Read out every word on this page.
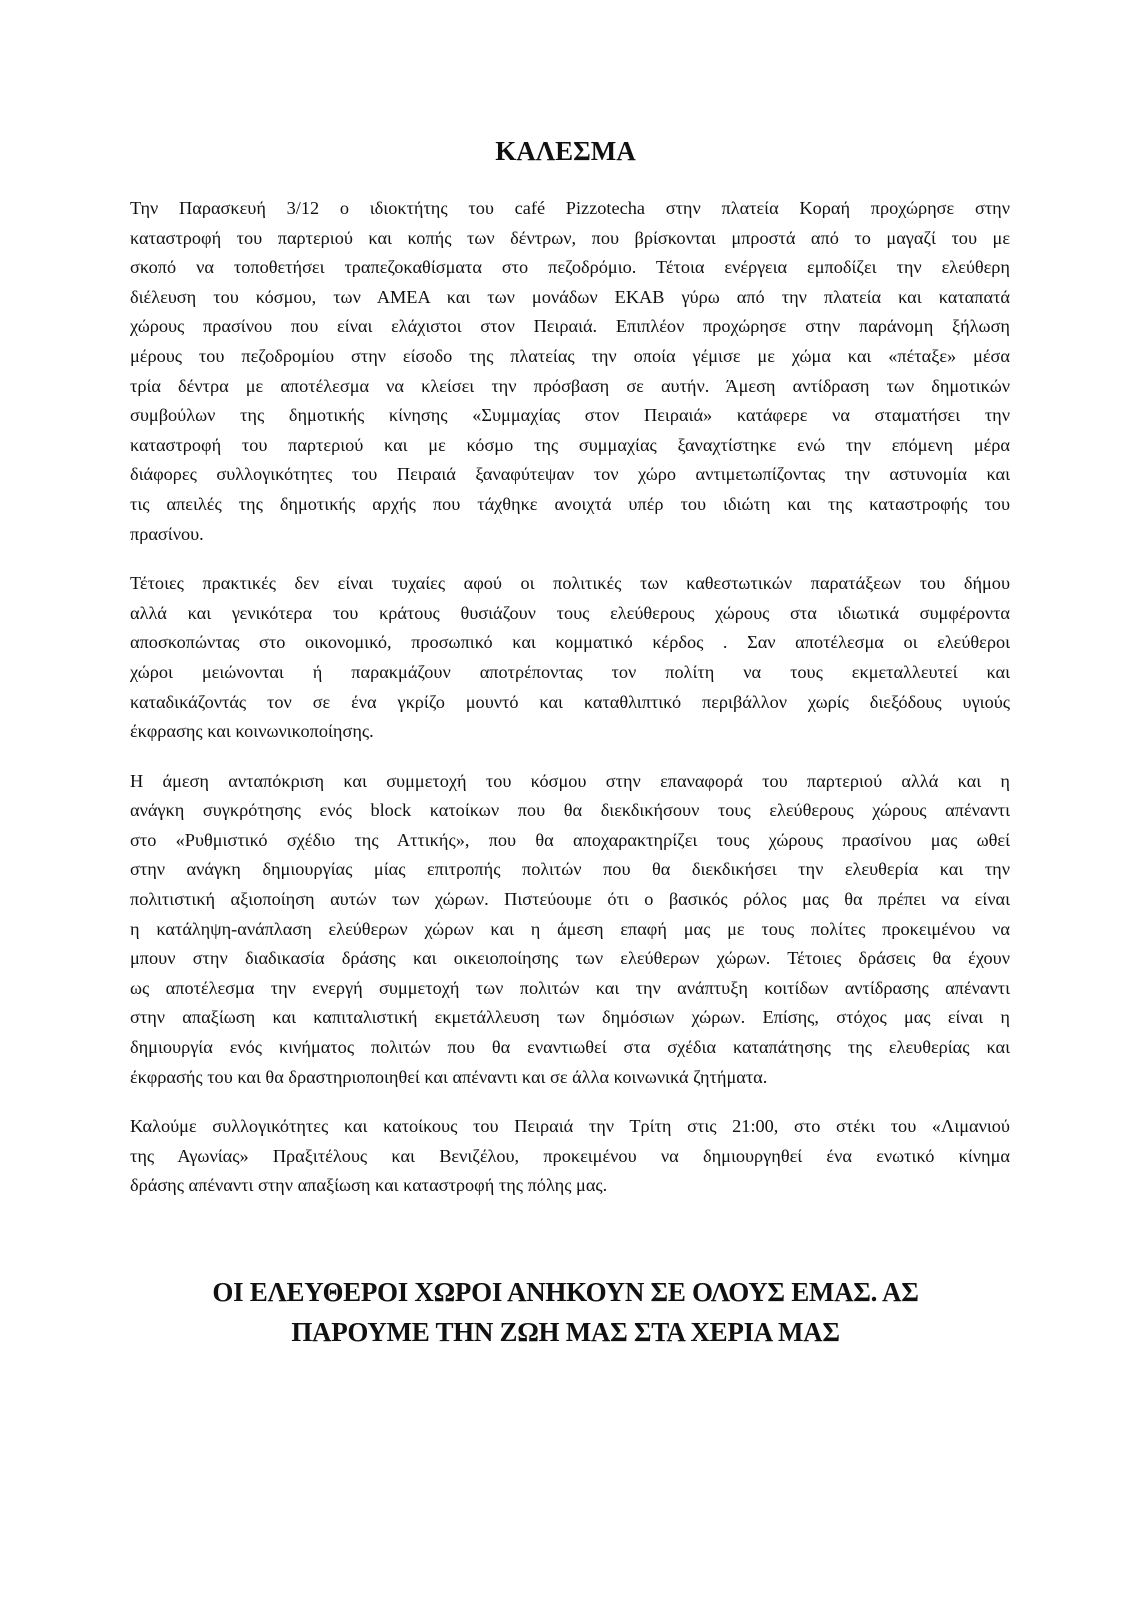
ΚΑΛΕΣΜΑ
Την Παρασκευή 3/12 ο ιδιοκτήτης του café Pizzotecha στην πλατεία Κοραή προχώρησε στην
καταστροφή του παρτεριού και κοπής των δέντρων, που βρίσκονται μπροστά από το μαγαζί του με
σκοπό να τοποθετήσει τραπεζοκαθίσματα στο πεζοδρόμιο. Τέτοια ενέργεια εμποδίζει την ελεύθερη
διέλευση του κόσμου, των ΑΜΕΑ και των μονάδων ΕΚΑΒ γύρω από την πλατεία και καταπατά
χώρους πρασίνου που είναι ελάχιστοι στον Πειραιά. Επιπλέον προχώρησε στην παράνομη ξήλωση
μέρους του πεζοδρομίου στην είσοδο της πλατείας την οποία γέμισε με χώμα και «πέταξε» μέσα
τρία δέντρα με αποτέλεσμα να κλείσει την πρόσβαση σε αυτήν. Άμεση αντίδραση των δημοτικών
συμβούλων της δημοτικής κίνησης «Συμμαχίας στον Πειραιά» κατάφερε να σταματήσει την
καταστροφή του παρτεριού και με κόσμο της συμμαχίας ξαναχτίστηκε ενώ την επόμενη μέρα
διάφορες συλλογικότητες του Πειραιά ξαναφύτεψαν τον χώρο αντιμετωπίζοντας την αστυνομία και
τις απειλές της δημοτικής αρχής που τάχθηκε ανοιχτά υπέρ του ιδιώτη και της καταστροφής του
πρασίνου.
Τέτοιες πρακτικές δεν είναι τυχαίες αφού οι πολιτικές των καθεστωτικών παρατάξεων του δήμου
αλλά και γενικότερα του κράτους θυσιάζουν τους ελεύθερους χώρους στα ιδιωτικά συμφέροντα
αποσκοπώντας στο οικονομικό, προσωπικό και κομματικό κέρδος . Σαν αποτέλεσμα οι ελεύθεροι
χώροι μειώνονται ή παρακμάζουν αποτρέποντας τον πολίτη να τους εκμεταλλευτεί και
καταδικάζοντάς τον σε ένα γκρίζο μουντό και καταθλιπτικό περιβάλλον χωρίς διεξόδους υγιούς
έκφρασης και κοινωνικοποίησης.
Η άμεση ανταπόκριση και συμμετοχή του κόσμου στην επαναφορά του παρτεριού αλλά και η
ανάγκη συγκρότησης ενός block κατοίκων που θα διεκδικήσουν τους ελεύθερους χώρους απέναντι
στο «Ρυθμιστικό σχέδιο της Αττικής», που θα αποχαρακτηρίζει τους χώρους πρασίνου μας ωθεί
στην ανάγκη δημιουργίας μίας επιτροπής πολιτών που θα διεκδικήσει την ελευθερία και την
πολιτιστική αξιοποίηση αυτών των χώρων. Πιστεύουμε ότι ο βασικός ρόλος μας θα πρέπει να είναι
η κατάληψη-ανάπλαση ελεύθερων χώρων και η άμεση επαφή μας με τους πολίτες προκειμένου να
μπουν στην διαδικασία δράσης και οικειοποίησης των ελεύθερων χώρων. Τέτοιες δράσεις θα έχουν
ως αποτέλεσμα την ενεργή συμμετοχή των πολιτών και την ανάπτυξη κοιτίδων αντίδρασης απέναντι
στην απαξίωση και καπιταλιστική εκμετάλλευση των δημόσιων χώρων. Επίσης, στόχος μας είναι η
δημιουργία ενός κινήματος πολιτών που θα εναντιωθεί στα σχέδια καταπάτησης της ελευθερίας και
έκφρασής του και θα δραστηριοποιηθεί και απέναντι και σε άλλα κοινωνικά ζητήματα.
Καλούμε συλλογικότητες και κατοίκους του Πειραιά την Τρίτη στις 21:00, στο στέκι του «Λιμανιού
της Αγωνίας» Πραξιτέλους και Βενιζέλου, προκειμένου να δημιουργηθεί ένα ενωτικό κίνημα
δράσης απέναντι στην απαξίωση και καταστροφή της πόλης μας.
ΟΙ ΕΛΕΥΘΕΡΟΙ ΧΩΡΟΙ ΑΝΗΚΟΥΝ ΣΕ ΟΛΟΥΣ ΕΜΑΣ. ΑΣ
ΠΑΡΟΥΜΕ ΤΗΝ ΖΩΗ ΜΑΣ ΣΤΑ ΧΕΡΙΑ ΜΑΣ
